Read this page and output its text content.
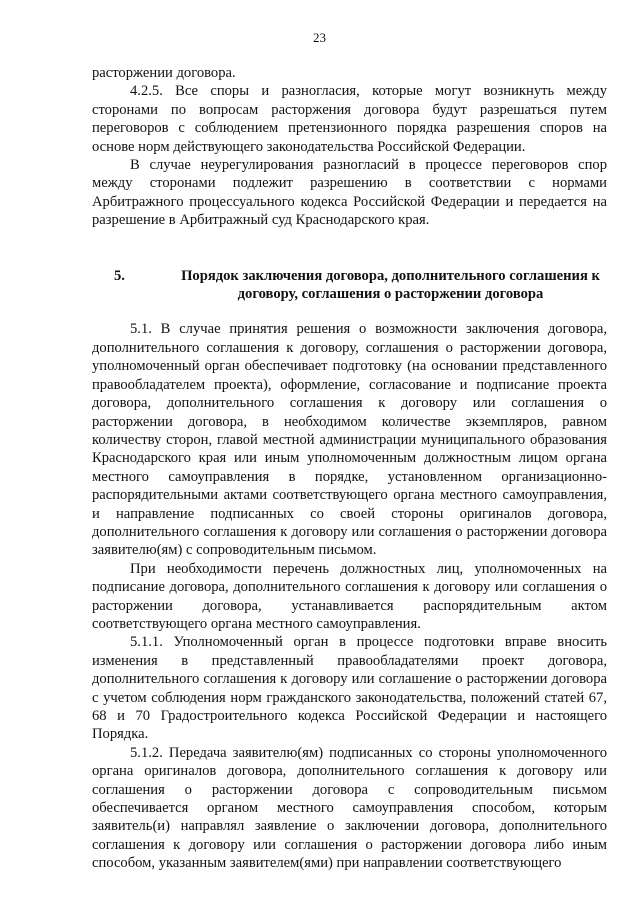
23

расторжении договора.

4.2.5. Все споры и разногласия, которые могут возникнуть между сторонами по вопросам расторжения договора будут разрешаться путем переговоров с соблюдением претензионного порядка разрешения споров на основе норм действующего законодательства Российской Федерации.

В случае неурегулирования разногласий в процессе переговоров спор между сторонами подлежит разрешению в соответствии с нормами Арбитражного процессуального кодекса Российской Федерации и передается на разрешение в Арбитражный суд Краснодарского края.

5.	Порядок заключения договора, дополнительного соглашения к договору, соглашения о расторжении договора

5.1. В случае принятия решения о возможности заключения договора, дополнительного соглашения к договору, соглашения о расторжении договора, уполномоченный орган обеспечивает подготовку (на основании представленного правообладателем проекта), оформление, согласование и подписание проекта договора, дополнительного соглашения к договору или соглашения о расторжении договора, в необходимом количестве экземпляров, равном количеству сторон, главой местной администрации муниципального образования Краснодарского края или иным уполномоченным должностным лицом органа местного самоуправления в порядке, установленном организационно-распорядительными актами соответствующего органа местного самоуправления, и направление подписанных со своей стороны оригиналов договора, дополнительного соглашения к договору или соглашения о расторжении договора заявителю(ям) с сопроводительным письмом.

При необходимости перечень должностных лиц, уполномоченных на подписание договора, дополнительного соглашения к договору или соглашения о расторжении договора, устанавливается распорядительным актом соответствующего органа местного самоуправления.

5.1.1. Уполномоченный орган в процессе подготовки вправе вносить изменения в представленный правообладателями проект договора, дополнительного соглашения к договору или соглашение о расторжении договора с учетом соблюдения норм гражданского законодательства, положений статей 67, 68 и 70 Градостроительного кодекса Российской Федерации и настоящего Порядка.

5.1.2. Передача заявителю(ям) подписанных со стороны уполномоченного органа оригиналов договора, дополнительного соглашения к договору или соглашения о расторжении договора с сопроводительным письмом обеспечивается органом местного самоуправления способом, которым заявитель(и) направлял заявление о заключении договора, дополнительного соглашения к договору или соглашения о расторжении договора либо иным способом, указанным заявителем(ями) при направлении соответствующего
